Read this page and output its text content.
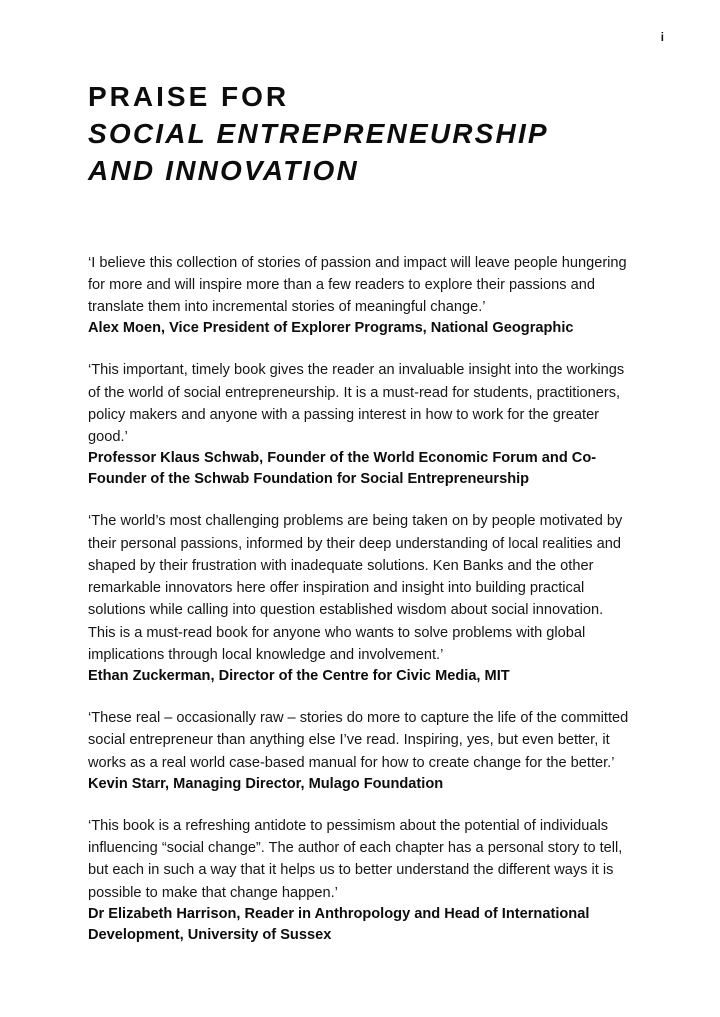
i
PRAISE FOR
SOCIAL ENTREPRENEURSHIP
AND INNOVATION

‘I believe this collection of stories of passion and impact will leave people hungering for more and will inspire more than a few readers to explore their passions and translate them into incremental stories of meaningful change.’

Alex Moen, Vice President of Explorer Programs, National Geographic

‘This important, timely book gives the reader an invaluable insight into the workings of the world of social entrepreneurship. It is a must-read for students, practitioners, policy makers and anyone with a passing interest in how to work for the greater good.’

Professor Klaus Schwab, Founder of the World Economic Forum and Co-Founder of the Schwab Foundation for Social Entrepreneurship

‘The world’s most challenging problems are being taken on by people motivated by their personal passions, informed by their deep understanding of local realities and shaped by their frustration with inadequate solutions. Ken Banks and the other remarkable innovators here offer inspiration and insight into building practical solutions while calling into question established wisdom about social innovation. This is a must-read book for anyone who wants to solve problems with global implications through local knowledge and involvement.’

Ethan Zuckerman, Director of the Centre for Civic Media, MIT

‘These real – occasionally raw – stories do more to capture the life of the committed social entrepreneur than anything else I’ve read. Inspiring, yes, but even better, it works as a real world case-based manual for how to create change for the better.’

Kevin Starr, Managing Director, Mulago Foundation

‘This book is a refreshing antidote to pessimism about the potential of individuals influencing “social change”. The author of each chapter has a personal story to tell, but each in such a way that it helps us to better understand the different ways it is possible to make that change happen.’

Dr Elizabeth Harrison, Reader in Anthropology and Head of International Development, University of Sussex
